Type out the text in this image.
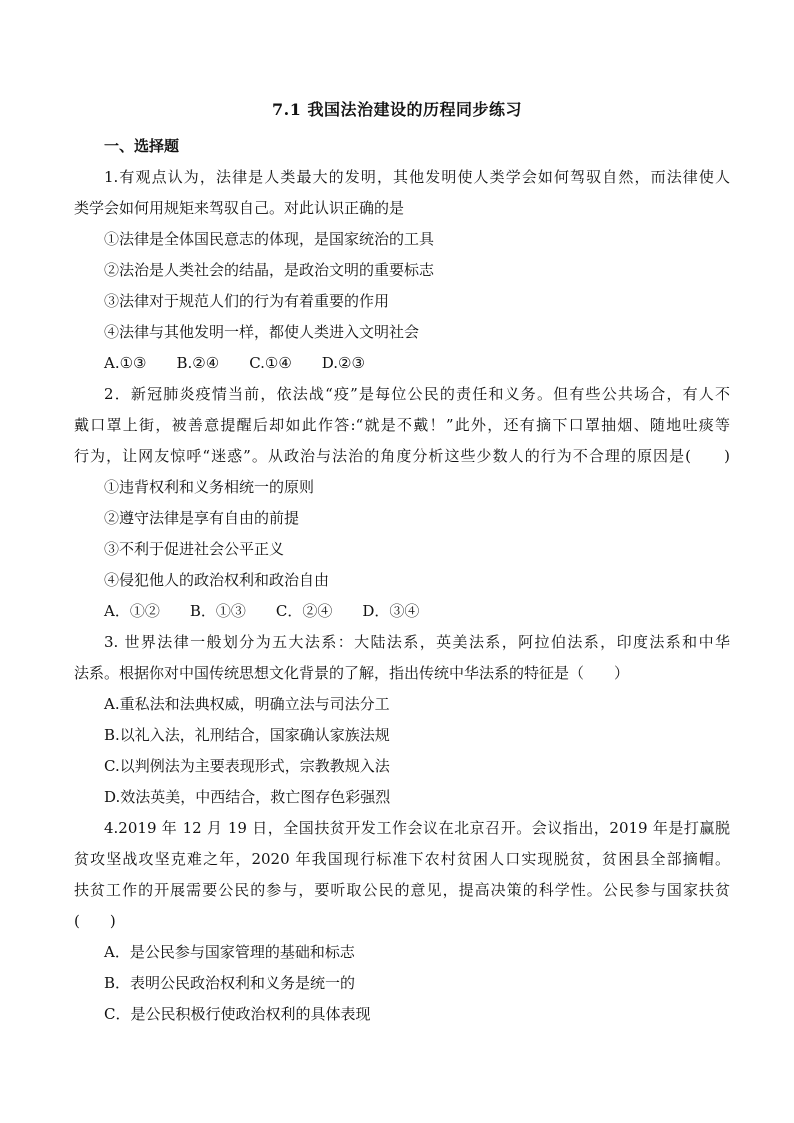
7.1 我国法治建设的历程同步练习
一、选择题
1.有观点认为，法律是人类最大的发明，其他发明使人类学会如何驾驭自然，而法律使人
类学会如何用规矩来驾驭自己。对此认识正确的是
①法律是全体国民意志的体现，是国家统治的工具
②法治是人类社会的结晶，是政治文明的重要标志
③法律对于规范人们的行为有着重要的作用
④法律与其他发明一样，都使人类进入文明社会
A.①③ B.②④ C.①④ D.②③
2．新冠肺炎疫情当前，依法战“疫”是每位公民的责任和义务。但有些公共场合，有人不
戴口罩上街，被善意提醒后却如此作答:“就是不戴！”此外，还有摘下口罩抽烟、随地吐痰等
行为，让网友惊呼“迷惑”。从政治与法治的角度分析这些少数人的行为不合理的原因是(　　)
①违背权利和义务相统一的原则
②遵守法律是享有自由的前提
③不利于促进社会公平正义
④侵犯他人的政治权利和政治自由
A．①② B．①③ C．②④ D．③④
3. 世界法律一般划分为五大法系：大陆法系，英美法系，阿拉伯法系，印度法系和中华
法系。根据你对中国传统思想文化背景的了解，指出传统中华法系的特征是（　　）
A.重私法和法典权威，明确立法与司法分工
B.以礼入法，礼刑结合，国家确认家族法规
C.以判例法为主要表现形式，宗教教规入法
D.效法英美，中西结合，救亡图存色彩强烈
4.2019 年 12 月 19 日，全国扶贫开发工作会议在北京召开。会议指出，2019 年是打赢脱
贫攻坚战攻坚克难之年，2020 年我国现行标准下农村贫困人口实现脱贫，贫困县全部摘帽。
扶贫工作的开展需要公民的参与，要听取公民的意见，提高决策的科学性。公民参与国家扶贫
(　　)
A．是公民参与国家管理的基础和标志
B．表明公民政治权利和义务是统一的
C．是公民积极行使政治权利的具体表现
